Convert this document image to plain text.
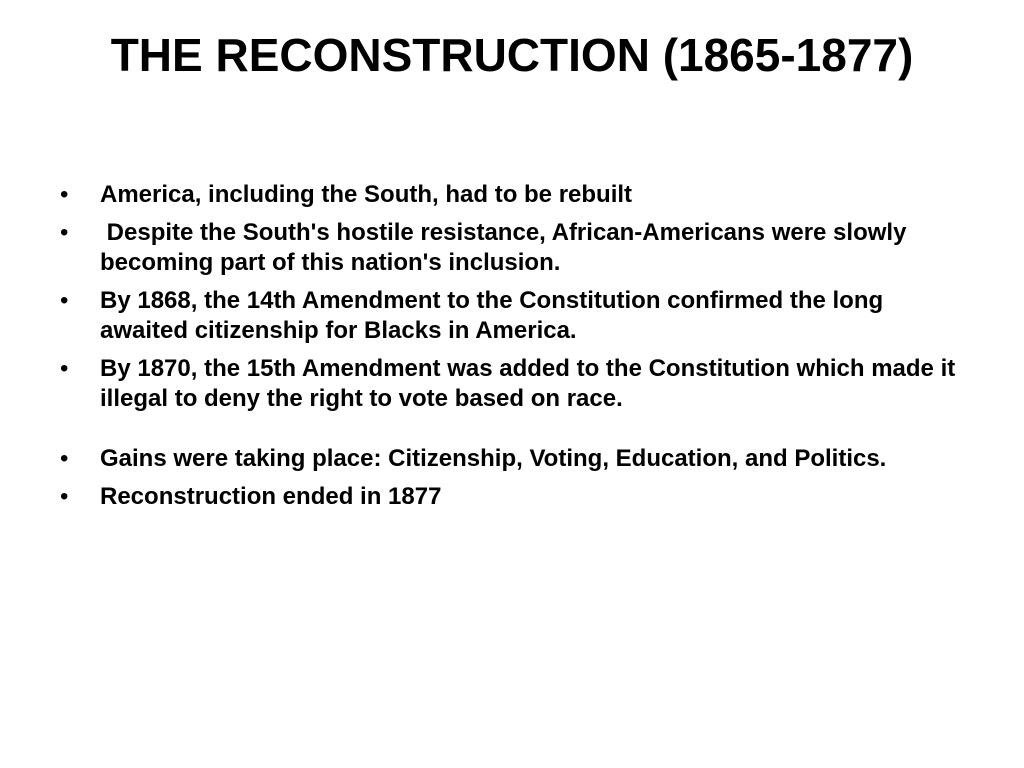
THE RECONSTRUCTION (1865-1877)
• America, including the South, had to be rebuilt
• Despite the South's hostile resistance, African-Americans were slowly becoming part of this nation's inclusion.
• By 1868, the 14th Amendment to the Constitution confirmed the long awaited citizenship for Blacks in America.
• By 1870, the 15th Amendment was added to the Constitution which made it illegal to deny the right to vote based on race.
• Gains were taking place: Citizenship, Voting, Education, and Politics.
• Reconstruction ended in 1877
